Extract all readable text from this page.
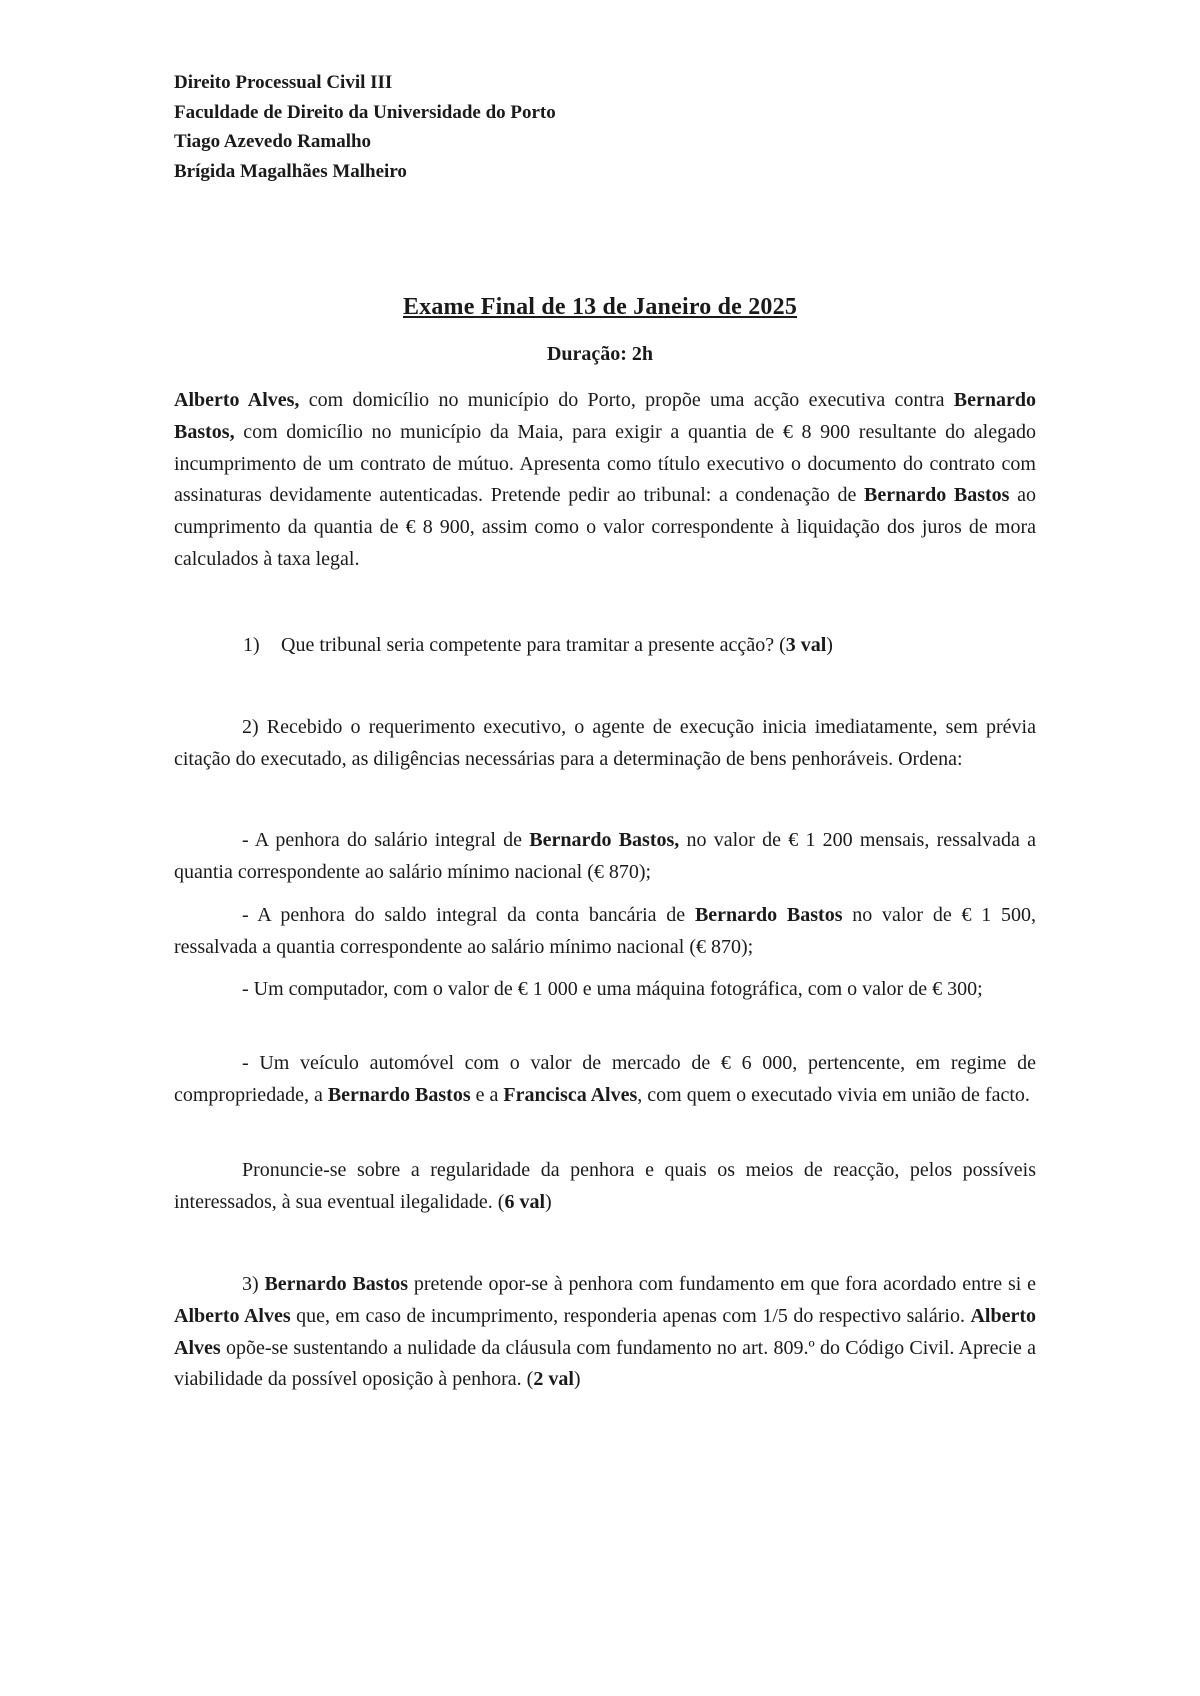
Direito Processual Civil III
Faculdade de Direito da Universidade do Porto
Tiago Azevedo Ramalho
Brígida Magalhães Malheiro
Exame Final de 13 de Janeiro de 2025
Duração: 2h

Alberto Alves, com domicílio no município do Porto, propõe uma acção executiva contra Bernardo Bastos, com domicílio no município da Maia, para exigir a quantia de € 8 900 resultante do alegado incumprimento de um contrato de mútuo. Apresenta como título executivo o documento do contrato com assinaturas devidamente autenticadas. Pretende pedir ao tribunal: a condenação de Bernardo Bastos ao cumprimento da quantia de € 8 900, assim como o valor correspondente à liquidação dos juros de mora calculados à taxa legal.

1) Que tribunal seria competente para tramitar a presente acção? (3 val)

2) Recebido o requerimento executivo, o agente de execução inicia imediatamente, sem prévia citação do executado, as diligências necessárias para a determinação de bens penhoráveis. Ordena:

- A penhora do salário integral de Bernardo Bastos, no valor de € 1 200 mensais, ressalvada a quantia correspondente ao salário mínimo nacional (€ 870);

- A penhora do saldo integral da conta bancária de Bernardo Bastos no valor de € 1 500, ressalvada a quantia correspondente ao salário mínimo nacional (€ 870);

- Um computador, com o valor de € 1 000 e uma máquina fotográfica, com o valor de € 300;

- Um veículo automóvel com o valor de mercado de € 6 000, pertencente, em regime de compropriedade, a Bernardo Bastos e a Francisca Alves, com quem o executado vivia em união de facto.

Pronuncie-se sobre a regularidade da penhora e quais os meios de reacção, pelos possíveis interessados, à sua eventual ilegalidade. (6 val)

3) Bernardo Bastos pretende opor-se à penhora com fundamento em que fora acordado entre si e Alberto Alves que, em caso de incumprimento, responderia apenas com 1/5 do respectivo salário. Alberto Alves opõe-se sustentando a nulidade da cláusula com fundamento no art. 809.º do Código Civil. Aprecie a viabilidade da possível oposição à penhora. (2 val)
